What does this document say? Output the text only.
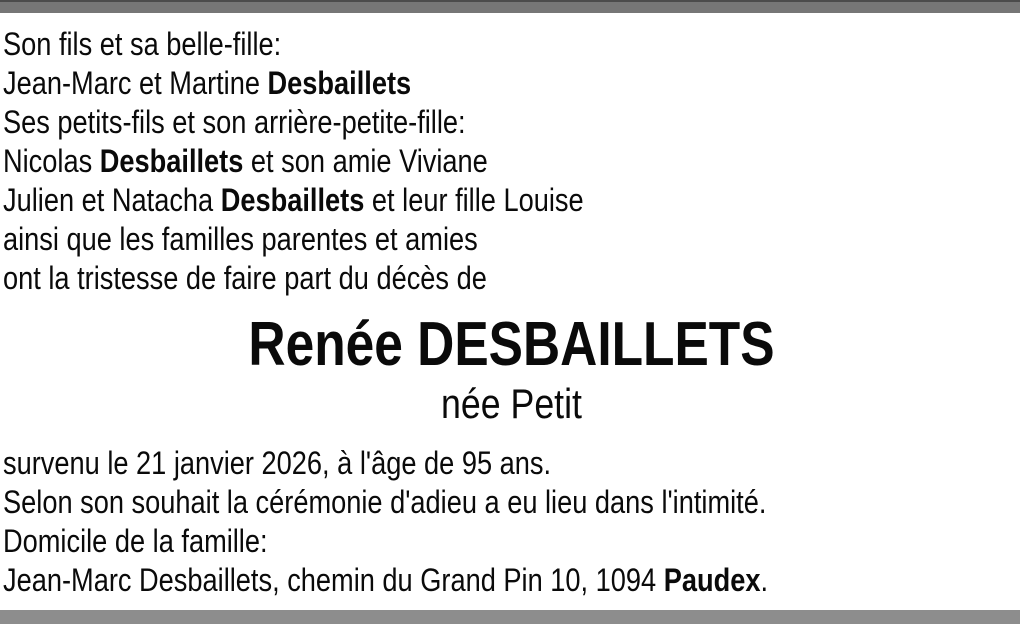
Son fils et sa belle-fille:
Jean-Marc et Martine Desbaillets
Ses petits-fils et son arrière-petite-fille:
Nicolas Desbaillets et son amie Viviane
Julien et Natacha Desbaillets et leur fille Louise
ainsi que les familles parentes et amies
ont la tristesse de faire part du décès de
Renée DESBAILLETS
née Petit
survenu le 21 janvier 2026, à l'âge de 95 ans.
Selon son souhait la cérémonie d'adieu a eu lieu dans l'intimité.
Domicile de la famille:
Jean-Marc Desbaillets, chemin du Grand Pin 10, 1094 Paudex.
